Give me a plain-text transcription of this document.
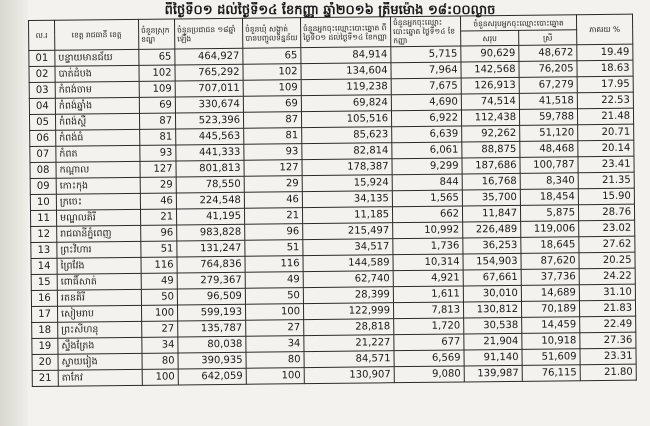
ពីថ្ងៃទី០១ ដល់ថ្ងៃទី១៤ ខែកញ្ញា ឆ្នាំ២០១៦ ត្រឹមម៉ោង ១៨:០០ល្ងាច
ល.រ	ខេត្ត រាជធានី ខេត្ត	ចំនួនស្រុក ខណ្ឌ	ចំនួនប្រជាជន ១៨ឆ្នាំឡើង	ចំនួនឃុំ សង្កាត់ បានបញ្ចូលទិន្នន័យ	ចំនួនអ្នកចុះឈ្មោះបោះឆ្នោត ពីថ្ងៃទី០១ ដល់ថ្ងៃទី១៤ ខែកញ្ញា	ចំនួនអ្នកចុះឈ្មោះបោះឆ្នោត ថ្ងៃទី១៤ ខែកញ្ញា	ចំនួនសរុបអ្នកចុះឈ្មោះបោះឆ្នោត		ភាគរយ %
							សរុប	ស្រី	
01	បន្ទាយមានជ័យ	65	464,927	65	84,914	5,715	90,629	48,672	19.49
02	បាត់ដំបង	102	765,292	102	134,604	7,964	142,568	76,205	18.63
03	កំពង់ចាម	109	707,011	109	119,238	7,675	126,913	67,279	17.95
04	កំពង់ឆ្នាំង	69	330,674	69	69,824	4,690	74,514	41,518	22.53
05	កំពង់ស្ពឺ	87	523,396	87	105,516	6,922	112,438	59,788	21.48
06	កំពង់ធំ	81	445,563	81	85,623	6,639	92,262	51,120	20.71
07	កំពត	93	441,333	93	82,814	6,061	88,875	48,468	20.14
08	កណ្តាល	127	801,813	127	178,387	9,299	187,686	100,787	23.41
09	កោះកុង	29	78,550	29	15,924	844	16,768	8,340	21.35
10	ក្រចេះ	46	224,548	46	34,135	1,565	35,700	18,454	15.90
11	មណ្ឌលគិរី	21	41,195	21	11,185	662	11,847	5,875	28.76
12	រាជធានីភ្នំពេញ	96	983,828	96	215,497	10,992	226,489	119,006	23.02
13	ព្រះវិហារ	51	131,247	51	34,517	1,736	36,253	18,645	27.62
14	ព្រៃវែង	116	764,836	116	144,589	10,314	154,903	87,620	20.25
15	ពោធិ៍សាត់	49	279,367	49	62,740	4,921	67,661	37,736	24.22
16	រតនគិរី	50	96,509	50	28,399	1,611	30,010	14,689	31.10
17	សៀមរាប	100	599,193	100	122,999	7,813	130,812	70,189	21.83
18	ព្រះសីហនុ	27	135,787	27	28,818	1,720	30,538	14,459	22.49
19	ស្ទឹងត្រែង	34	80,038	34	21,227	677	21,904	10,918	27.36
20	ស្វាយរៀង	80	390,935	80	84,571	6,569	91,140	51,609	23.31
21	តាកែវ	100	642,059	100	130,907	9,080	139,987	76,115	21.80
